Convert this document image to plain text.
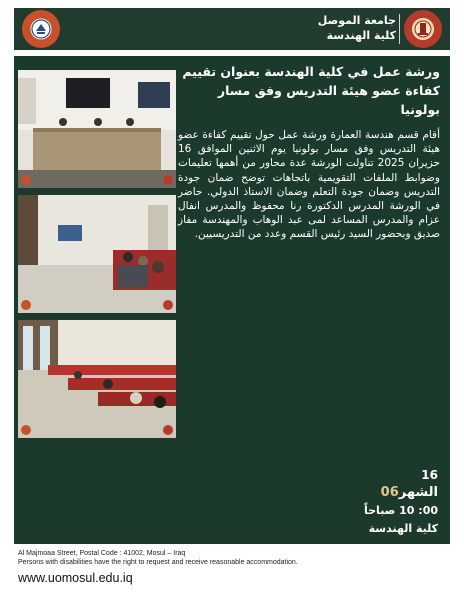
جامعة الموصل
كلية الهندسة
ورشة عمل في كلية الهندسة بعنوان تقييم كفاءة عضو هيئة التدريس وفق مسار بولونيا
أقام قسم هندسة العمارة ورشة عمل حول تقييم كفاءة عضو هيئة التدريس وفق مسار بولونيا يوم الاثنين الموافق 16 حزيران 2025 تناولت الورشة عدة محاور من أهمها تعليمات وضوابط الملفات التقويمية باتجاهات توضح ضمان جودة التدريس وضمان جودة التعلم وضمان الاستاذ الدولي. حاضر في الورشة المدرس الدكتورة رنا محفوظ والمدرس انفال عزام والمدرس المساعد لمى عبد الوهاب والمهندسة مفاز صديق وبحضور السيد رئيس القسم وعدد من التدريسيين.
16
الشهر06
00: 10 صباحاً
كلية الهندسة
Al Majmoaa Street, Postal Code : 41002, Mosul – Iraq
Persons with disabilities have the right to request and receive reasonable accommodation.
www.uomosul.edu.iq
